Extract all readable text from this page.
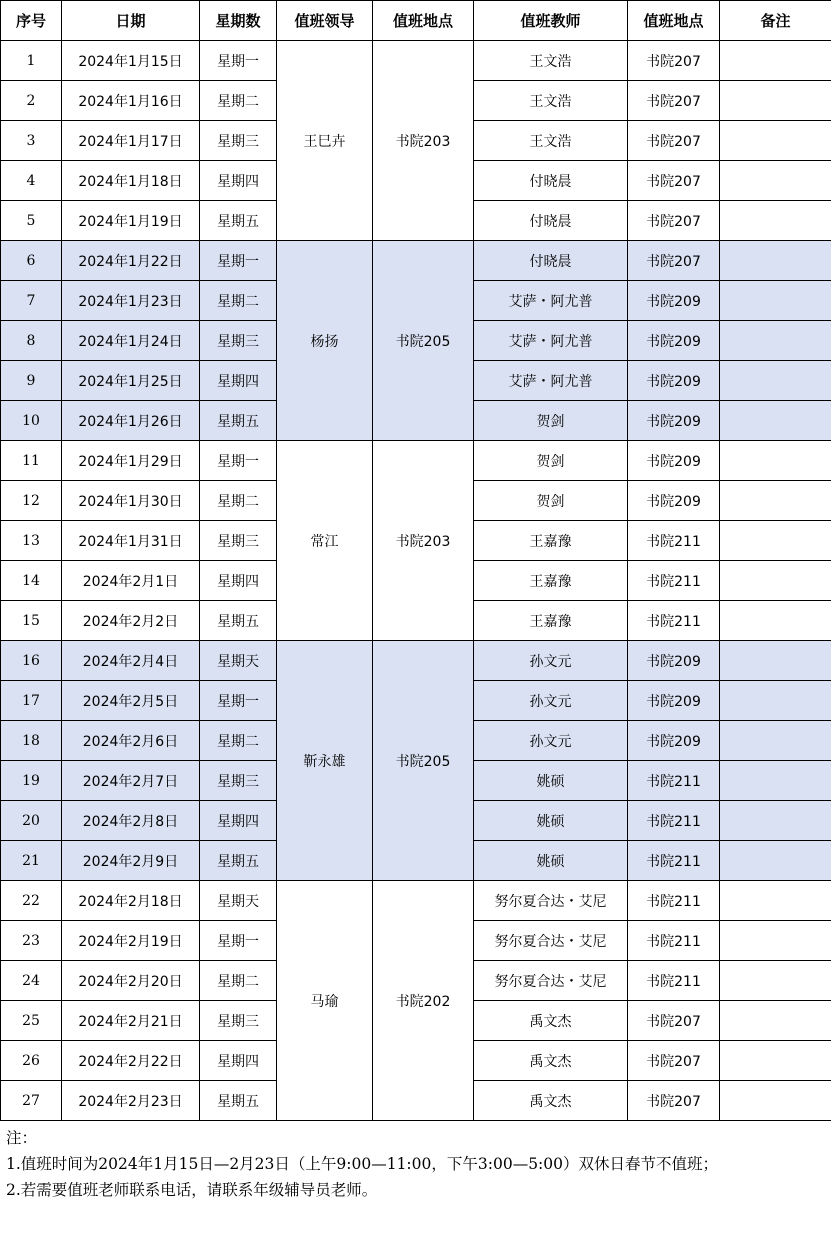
序号	日期	星期数	值班领导	值班地点	值班教师	值班地点	备注
1	2024年1月15日	星期一	王巳卉	书院203	王文浩	书院207	
2	2024年1月16日	星期二			王文浩	书院207	
3	2024年1月17日	星期三			王文浩	书院207	
4	2024年1月18日	星期四			付晓晨	书院207	
5	2024年1月19日	星期五			付晓晨	书院207	
6	2024年1月22日	星期一	杨扬	书院205	付晓晨	书院207	
7	2024年1月23日	星期二			艾萨・阿尤普	书院209	
8	2024年1月24日	星期三			艾萨・阿尤普	书院209	
9	2024年1月25日	星期四			艾萨・阿尤普	书院209	
10	2024年1月26日	星期五			贺剑	书院209	
11	2024年1月29日	星期一	常江	书院203	贺剑	书院209	
12	2024年1月30日	星期二			贺剑	书院209	
13	2024年1月31日	星期三			王嘉豫	书院211	
14	2024年2月1日	星期四			王嘉豫	书院211	
15	2024年2月2日	星期五			王嘉豫	书院211	
16	2024年2月4日	星期天	靳永雄	书院205	孙文元	书院209	
17	2024年2月5日	星期一			孙文元	书院209	
18	2024年2月6日	星期二			孙文元	书院209	
19	2024年2月7日	星期三			姚硕	书院211	
20	2024年2月8日	星期四			姚硕	书院211	
21	2024年2月9日	星期五			姚硕	书院211	
22	2024年2月18日	星期天	马瑜	书院202	努尔夏合达・艾尼	书院211	
23	2024年2月19日	星期一			努尔夏合达・艾尼	书院211	
24	2024年2月20日	星期二			努尔夏合达・艾尼	书院211	
25	2024年2月21日	星期三			禹文杰	书院207	
26	2024年2月22日	星期四			禹文杰	书院207	
27	2024年2月23日	星期五			禹文杰	书院207	
注：
1.值班时间为2024年1月15日—2月23日（上午9:00—11:00，下午3:00—5:00）双休日春节不值班；
2.若需要值班老师联系电话，请联系年级辅导员老师。
